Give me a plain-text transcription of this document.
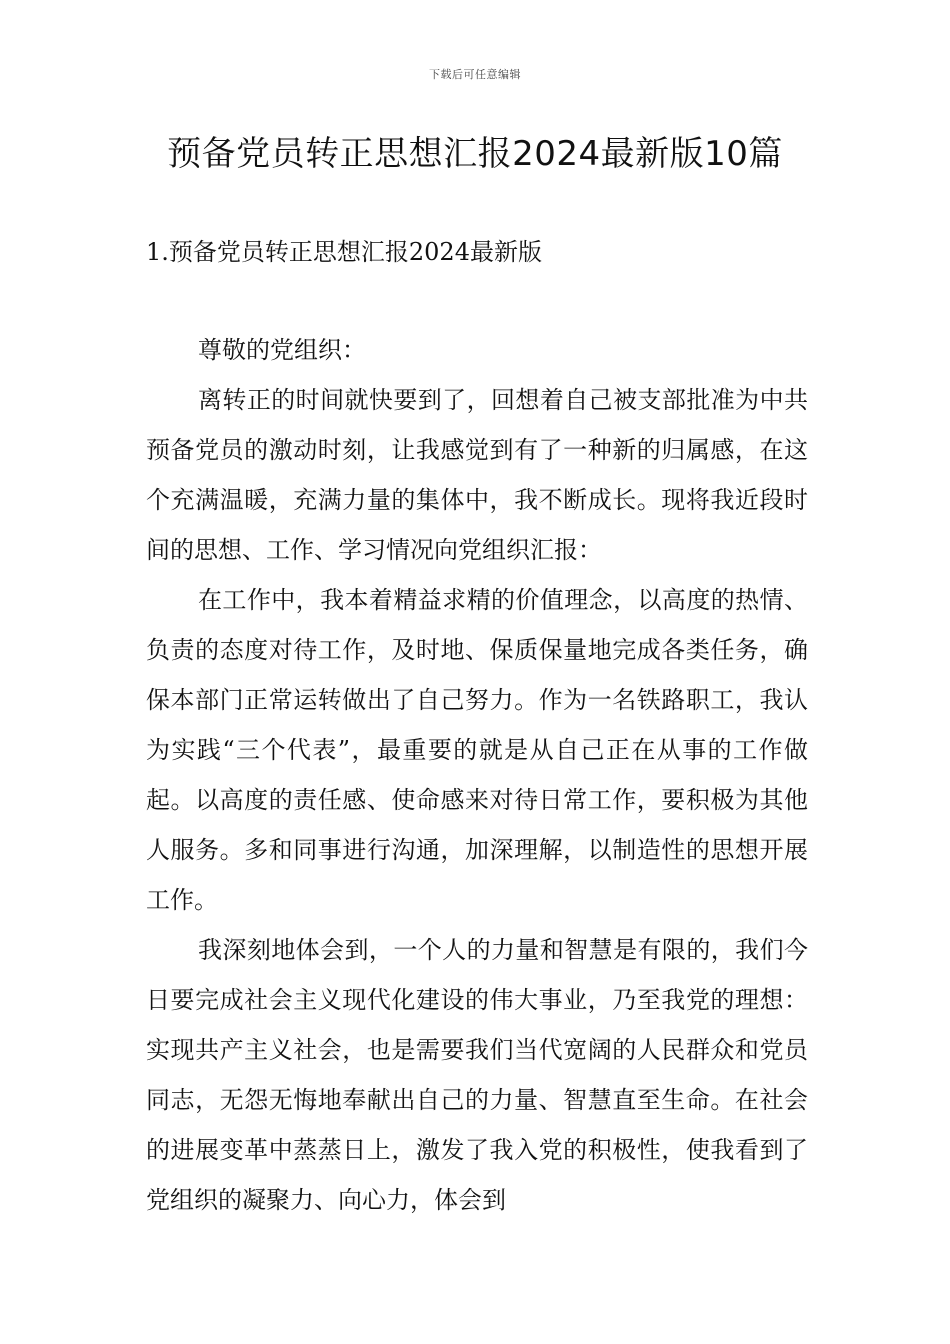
下载后可任意编辑
预备党员转正思想汇报2024最新版10篇
1.预备党员转正思想汇报2024最新版

尊敬的党组织：

离转正的时间就快要到了，回想着自己被支部批准为中共预备党员的激动时刻，让我感觉到有了一种新的归属感，在这个充满温暖，充满力量的集体中，我不断成长。现将我近段时间的思想、工作、学习情况向党组织汇报：

在工作中，我本着精益求精的价值理念，以高度的热情、负责的态度对待工作，及时地、保质保量地完成各类任务，确保本部门正常运转做出了自己努力。作为一名铁路职工，我认为实践“三个代表”，最重要的就是从自己正在从事的工作做起。以高度的责任感、使命感来对待日常工作，要积极为其他人服务。多和同事进行沟通，加深理解，以制造性的思想开展工作。

我深刻地体会到，一个人的力量和智慧是有限的，我们今日要完成社会主义现代化建设的伟大事业，乃至我党的理想：实现共产主义社会，也是需要我们当代宽阔的人民群众和党员同志，无怨无悔地奉献出自己的力量、智慧直至生命。在社会的进展变革中蒸蒸日上，激发了我入党的积极性，使我看到了党组织的凝聚力、向心力，体会到
